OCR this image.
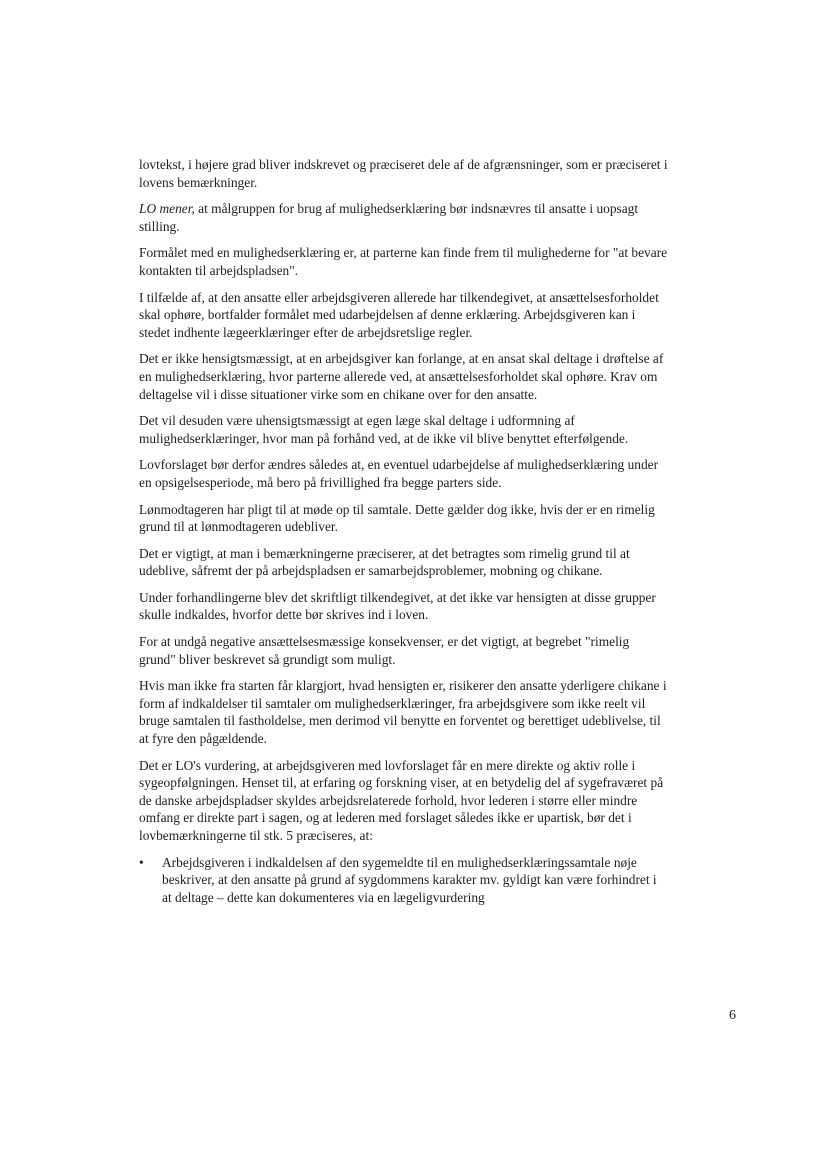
lovtekst, i højere grad bliver indskrevet og præciseret dele af de afgrænsninger, som er præciseret i lovens bemærkninger.

LO mener, at målgruppen for brug af mulighedserklæring bør indsnævres til ansatte i uopsagt stilling.

Formålet med en mulighedserklæring er, at parterne kan finde frem til mulighederne for "at bevare kontakten til arbejdspladsen".

I tilfælde af, at den ansatte eller arbejdsgiveren allerede har tilkendegivet, at ansættelsesforholdet skal ophøre, bortfalder formålet med udarbejdelsen af denne erklæring. Arbejdsgiveren kan i stedet indhente lægeerklæringer efter de arbejdsretslige regler.

Det er ikke hensigtsmæssigt, at en arbejdsgiver kan forlange, at en ansat skal deltage i drøftelse af en mulighedserklæring, hvor parterne allerede ved, at ansættelsesforholdet skal ophøre. Krav om deltagelse vil i disse situationer virke som en chikane over for den ansatte.

Det vil desuden være uhensigtsmæssigt at egen læge skal deltage i udformning af mulighedserklæringer, hvor man på forhånd ved, at de ikke vil blive benyttet efterfølgende.

Lovforslaget bør derfor ændres således at, en eventuel udarbejdelse af mulighedserklæring under en opsigelsesperiode, må bero på frivillighed fra begge parters side.

Lønmodtageren har pligt til at møde op til samtale. Dette gælder dog ikke, hvis der er en rimelig grund til at lønmodtageren udebliver.

Det er vigtigt, at man i bemærkningerne præciserer, at det betragtes som rimelig grund til at udeblive, såfremt der på arbejdspladsen er samarbejdsproblemer, mobning og chikane.

Under forhandlingerne blev det skriftligt tilkendegivet, at det ikke var hensigten at disse grupper skulle indkaldes, hvorfor dette bør skrives ind i loven.

For at undgå negative ansættelsesmæssige konsekvenser, er det vigtigt, at begrebet "rimelig grund" bliver beskrevet så grundigt som muligt.

Hvis man ikke fra starten får klargjort, hvad hensigten er, risikerer den ansatte yderligere chikane i form af indkaldelser til samtaler om mulighedserklæringer, fra arbejdsgivere som ikke reelt vil bruge samtalen til fastholdelse, men derimod vil benytte en forventet og berettiget udeblivelse, til at fyre den pågældende.

Det er LO's vurdering, at arbejdsgiveren med lovforslaget får en mere direkte og aktiv rolle i sygeopfølgningen. Henset til, at erfaring og forskning viser, at en betydelig del af sygefraværet på de danske arbejdspladser skyldes arbejdsrelaterede forhold, hvor lederen i større eller mindre omfang er direkte part i sagen, og at lederen med forslaget således ikke er upartisk, bør det i lovbemærkningerne til stk. 5 præciseres, at:

• Arbejdsgiveren i indkaldelsen af den sygemeldte til en mulighedserklæringssamtale nøje beskriver, at den ansatte på grund af sygdommens karakter mv. gyldigt kan være forhindret i at deltage – dette kan dokumenteres via en lægeligvurdering
6
